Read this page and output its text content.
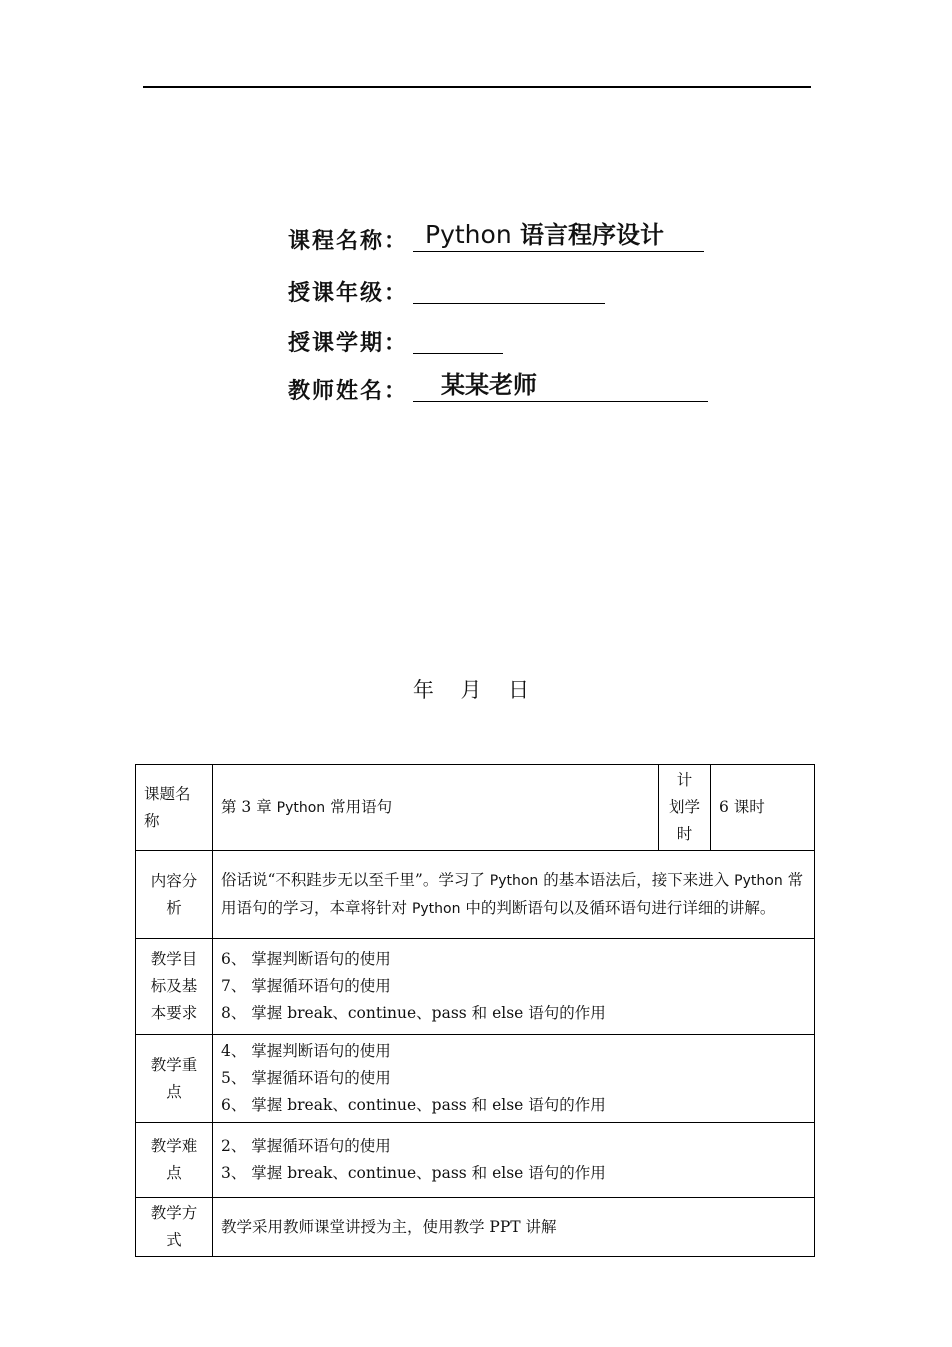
课程名称： Python 语言程序设计
授课年级：
授课学期：
教师姓名：	某某老师
年 月 日
课题名称	第 3 章 Python 常用语句	计 划学时	6 课时
内容分析	俗话说“不积跬步无以至千里”。学习了 Python 的基本语法后，接下来进入 Python 常用语句的学习，本章将针对 Python 中的判断语句以及循环语句进行详细的讲解。		
教学目标及基本要求	6、 掌握判断语句的使用
7、 掌握循环语句的使用
8、 掌握 break、continue、pass 和 else 语句的作用		

教学重点	4、 掌握判断语句的使用
5、 掌握循环语句的使用
6、 掌握 break、continue、pass 和 else 语句的作用		

教学难点	2、 掌握循环语句的使用
3、 掌握 break、continue、pass 和 else 语句的作用		

教学方式	教学采用教师课堂讲授为主，使用教学 PPT 讲解		
